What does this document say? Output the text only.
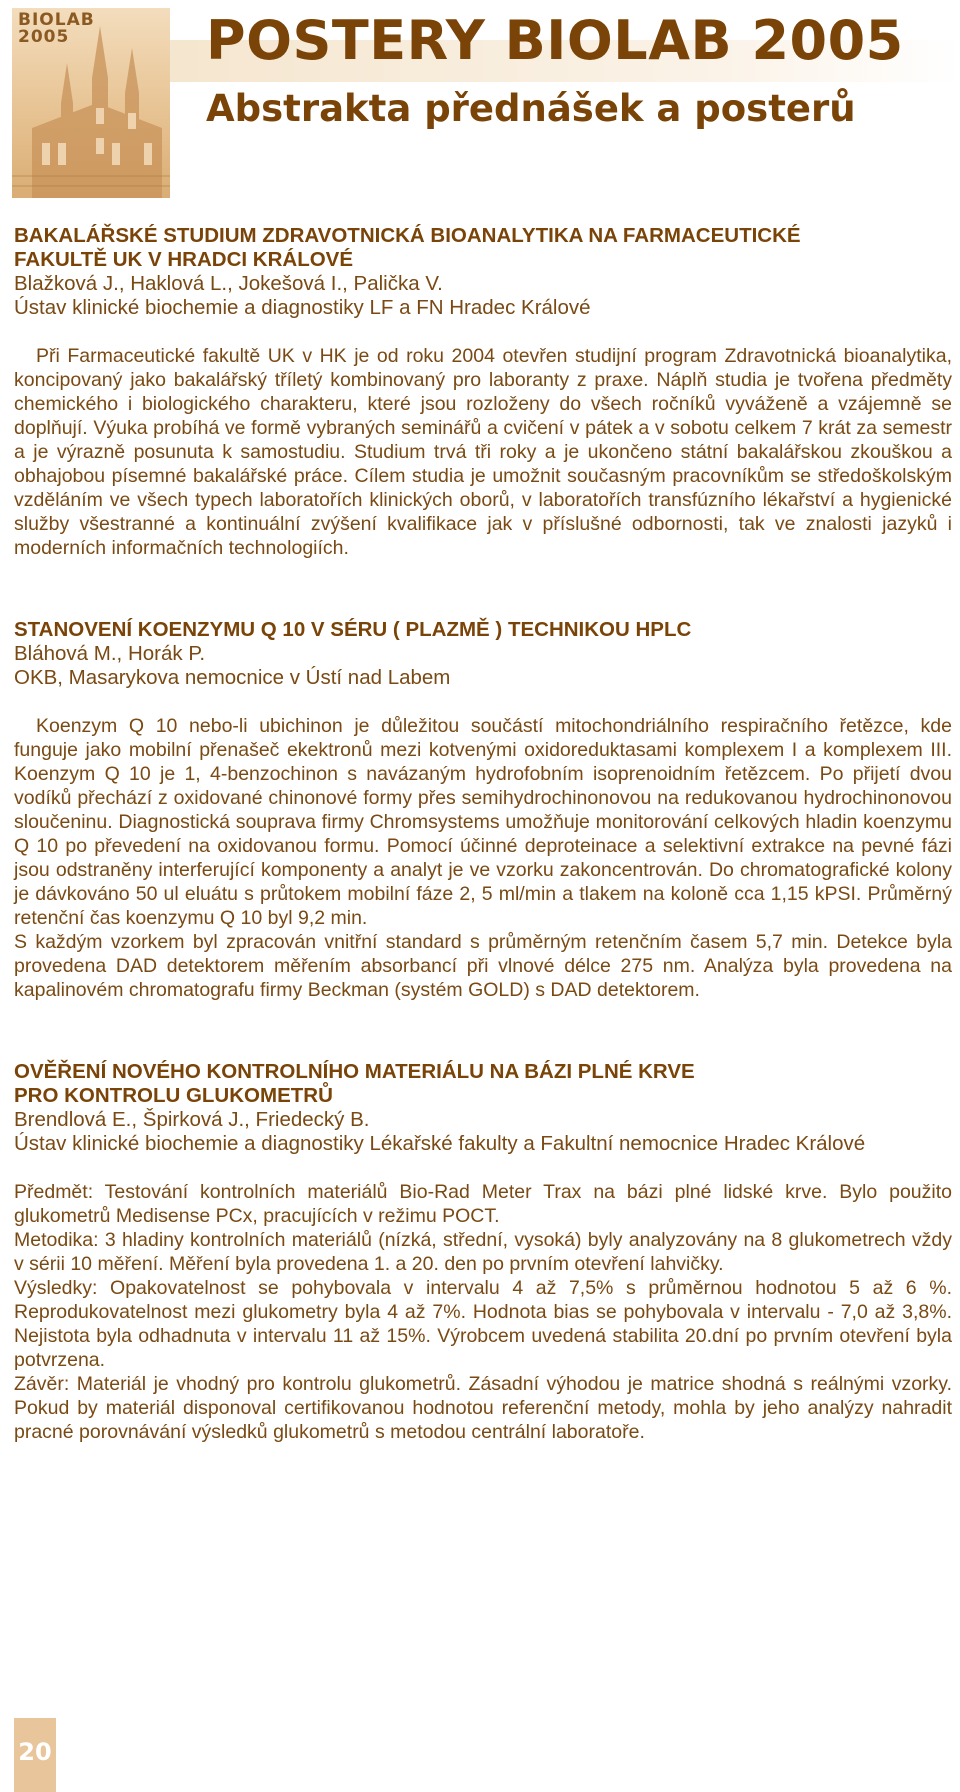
BIOLAB 2005	POSTERY BIOLAB 2005
Abstrakta přednášek a posterů
BAKALÁŘSKÉ STUDIUM ZDRAVOTNICKÁ BIOANALYTIKA NA FARMACEUTICKÉ
FAKULTĚ UK V HRADCI KRÁLOVÉ
Blažková J., Haklová L., Jokešová I., Palička V.
Ústav klinické biochemie a diagnostiky LF a FN Hradec Králové

Při Farmaceutické fakultě UK v HK je od roku 2004 otevřen studijní program Zdravotnická bioanalytika, koncipovaný jako bakalářský tříletý kombinovaný pro laboranty z praxe. Náplň studia je tvořena předměty chemického i biologického charakteru, které jsou rozloženy do všech ročníků vyváženě a vzájemně se doplňují. Výuka probíhá ve formě vybraných seminářů a cvičení v pátek a v sobotu celkem 7 krát za semestr a je výrazně posunuta k samostudiu. Studium trvá tři roky a je ukončeno státní bakalářskou zkouškou a obhajobou písemné bakalářské práce. Cílem studia je umožnit současným pracovníkům se středoškolským vzděláním ve všech typech laboratořích klinických oborů, v laboratořích transfúzního lékařství a hygienické služby všestranné a kontinuální zvýšení kvalifikace jak v příslušné odbornosti, tak ve znalosti jazyků i moderních informačních technologiích.

STANOVENÍ KOENZYMU Q 10 V SÉRU ( PLAZMĚ ) TECHNIKOU HPLC
Bláhová M., Horák P.
OKB, Masarykova nemocnice v Ústí nad Labem

Koenzym Q 10 nebo-li ubichinon je důležitou součástí mitochondriálního respiračního řetězce, kde funguje jako mobilní přenašeč ekektronů mezi kotvenými oxidoreduktasami komplexem I a komplexem III. Koenzym Q 10 je 1, 4-benzochinon s navázaným hydrofobním isoprenoidním řetězcem. Po přijetí dvou vodíků přechází z oxidované chinonové formy přes semihydrochinonovou na redukovanou hydrochinonovou sloučeninu. Diagnostická souprava firmy Chromsystems umožňuje monitorování celkových hladin koenzymu Q 10 po převedení na oxidovanou formu. Pomocí účinné deproteinace a selektivní extrakce na pevné fázi jsou odstraněny interferující komponenty a analyt je ve vzorku zakoncentrován. Do chromatografické kolony je dávkováno 50 ul eluátu s průtokem mobilní fáze 2, 5 ml/min a tlakem na koloně cca 1,15 kPSI. Průměrný retenční čas koenzymu Q 10 byl 9,2 min.

S každým vzorkem byl zpracován vnitřní standard s průměrným retenčním časem 5,7 min. Detekce byla provedena DAD detektorem měřením absorbancí při vlnové délce 275 nm. Analýza byla provedena na kapalinovém chromatografu firmy Beckman (systém GOLD) s DAD detektorem.

OVĚŘENÍ NOVÉHO KONTROLNÍHO MATERIÁLU NA BÁZI PLNÉ KRVE
PRO KONTROLU GLUKOMETRŮ
Brendlová E., Špirková J., Friedecký B.
Ústav klinické biochemie a diagnostiky Lékařské fakulty a Fakultní nemocnice Hradec Králové

Předmět: Testování kontrolních materiálů Bio-Rad Meter Trax na bázi plné lidské krve. Bylo použito glukometrů Medisense PCx, pracujících v režimu POCT.

Metodika: 3 hladiny kontrolních materiálů (nízká, střední, vysoká) byly analyzovány na 8 glukometrech vždy v sérii 10 měření. Měření byla provedena 1. a 20. den po prvním otevření lahvičky.

Výsledky: Opakovatelnost se pohybovala v intervalu 4 až 7,5% s průměrnou hodnotou 5 až 6 %. Reprodukovatelnost mezi glukometry byla 4 až 7%. Hodnota bias se pohybovala v intervalu - 7,0 až 3,8%. Nejistota byla odhadnuta v intervalu 11 až 15%. Výrobcem uvedená stabilita 20.dní po prvním otevření byla potvrzena.

Závěr: Materiál je vhodný pro kontrolu glukometrů. Zásadní výhodou je matrice shodná s reálnými vzorky. Pokud by materiál disponoval certifikovanou hodnotou referenční metody, mohla by jeho analýzy nahradit pracné porovnávání výsledků glukometrů s metodou centrální laboratoře.

20
